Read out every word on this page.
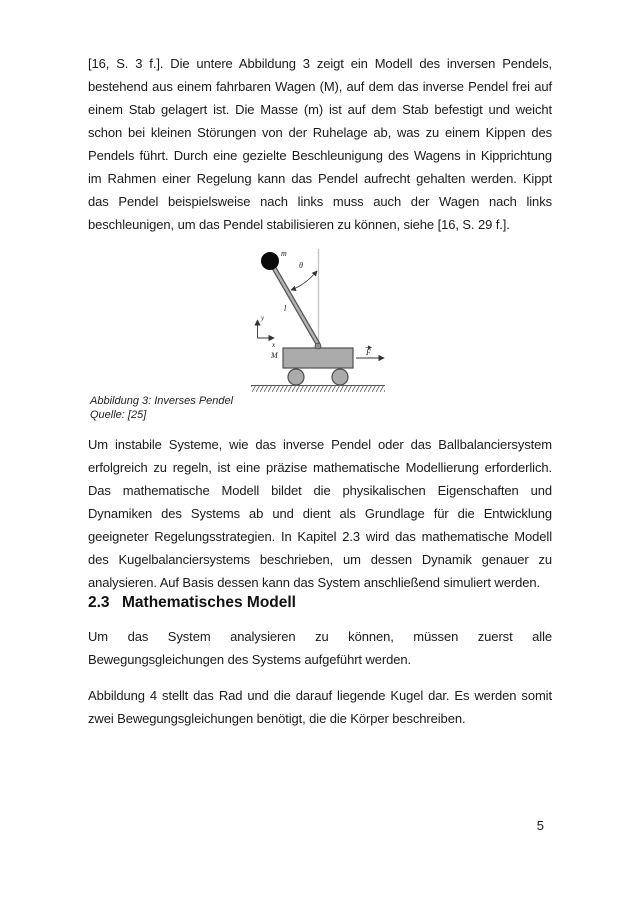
[16, S. 3 f.]. Die untere Abbildung 3 zeigt ein Modell des inversen Pendels,
bestehend aus einem fahrbaren Wagen (M), auf dem das inverse Pendel frei auf
einem Stab gelagert ist. Die Masse (m) ist auf dem Stab befestigt und weicht
schon bei kleinen Störungen von der Ruhelage ab, was zu einem Kippen des
Pendels führt. Durch eine gezielte Beschleunigung des Wagens in Kipprichtung
im Rahmen einer Regelung kann das Pendel aufrecht gehalten werden. Kippt
das Pendel beispielsweise nach links muss auch der Wagen nach links
beschleunigen, um das Pendel stabilisieren zu können, siehe [16, S. 29 f.].
m
θ
l
y
x
M	F
Abbildung 3: Inverses Pendel
Quelle: [25]
Um instabile Systeme, wie das inverse Pendel oder das Ballbalanciersystem
erfolgreich zu regeln, ist eine präzise mathematische Modellierung erforderlich.
Das mathematische Modell bildet die physikalischen Eigenschaften und
Dynamiken des Systems ab und dient als Grundlage für die Entwicklung
geeigneter Regelungsstrategien. In Kapitel 2.3 wird das mathematische Modell
des Kugelbalanciersystems beschrieben, um dessen Dynamik genauer zu
analysieren. Auf Basis dessen kann das System anschließend simuliert werden.
2.3 Mathematisches Modell
Um das System analysieren zu können, müssen zuerst alle
Bewegungsgleichungen des Systems aufgeführt werden.
Abbildung 4 stellt das Rad und die darauf liegende Kugel dar. Es werden somit
zwei Bewegungsgleichungen benötigt, die die Körper beschreiben.
5
